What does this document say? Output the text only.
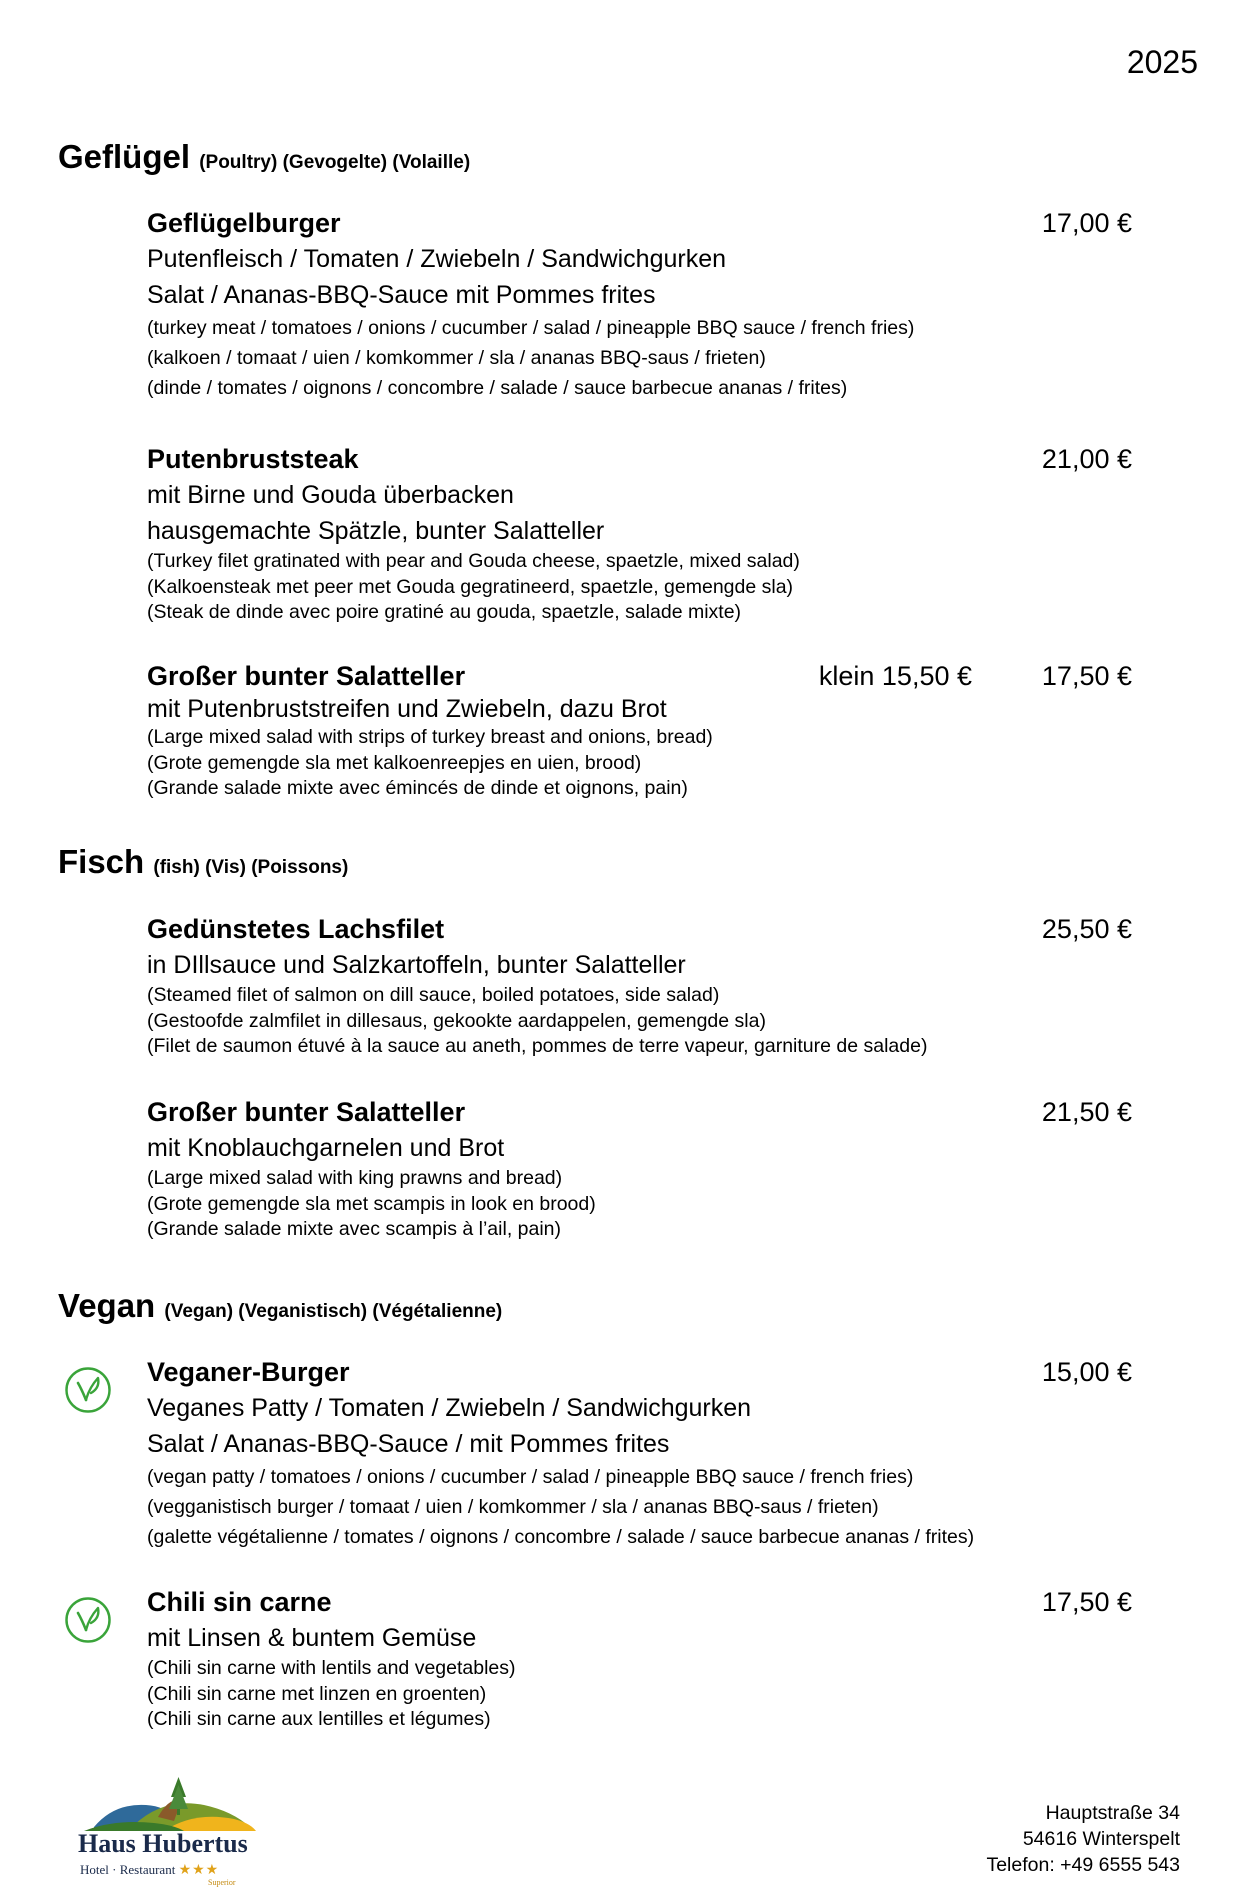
2025
Geflügel (Poultry) (Gevogelte) (Volaille)
Geflügelburger	17,00 €
Putenfleisch / Tomaten / Zwiebeln / Sandwichgurken
Salat / Ananas-BBQ-Sauce mit Pommes frites
(turkey meat / tomatoes / onions / cucumber / salad / pineapple BBQ sauce / french fries)
(kalkoen / tomaat / uien / komkommer / sla / ananas BBQ-saus / frieten)
(dinde / tomates / oignons / concombre / salade / sauce barbecue ananas / frites)
Putenbruststeak	21,00 €
mit Birne und Gouda überbacken
hausgemachte Spätzle, bunter Salatteller
(Turkey filet gratinated with pear and Gouda cheese, spaetzle, mixed salad)
(Kalkoensteak met peer met Gouda gegratineerd, spaetzle, gemengde sla)
(Steak de dinde avec poire gratiné au gouda, spaetzle, salade mixte)
Großer bunter Salatteller	klein 15,50 €	17,50 €
mit Putenbruststreifen und Zwiebeln, dazu Brot
(Large mixed salad with strips of turkey breast and onions, bread)
(Grote gemengde sla met kalkoenreepjes en uien, brood)
(Grande salade mixte avec émincés de dinde et oignons, pain)
Fisch (fish) (Vis) (Poissons)
Gedünstetes Lachsfilet	25,50 €
in DIllsauce und Salzkartoffeln, bunter Salatteller
(Steamed filet of salmon on dill sauce, boiled potatoes, side salad)
(Gestoofde zalmfilet in dillesaus, gekookte aardappelen, gemengde sla)
(Filet de saumon étuvé à la sauce au aneth, pommes de terre vapeur, garniture de salade)
Großer bunter Salatteller	21,50 €
mit Knoblauchgarnelen und Brot
(Large mixed salad with king prawns and bread)
(Grote gemengde sla met scampis in look en brood)
(Grande salade mixte avec scampis à l’ail, pain)
Vegan (Vegan) (Veganistisch) (Végétalienne)
Veganer-Burger	15,00 €
Veganes Patty / Tomaten / Zwiebeln / Sandwichgurken
Salat / Ananas-BBQ-Sauce / mit Pommes frites
(vegan patty / tomatoes / onions / cucumber / salad / pineapple BBQ sauce / french fries)
(vegganistisch burger / tomaat / uien / komkommer / sla / ananas BBQ-saus / frieten)
(galette végétalienne / tomates / oignons / concombre / salade / sauce barbecue ananas / frites)
Chili sin carne	17,50 €
mit Linsen & buntem Gemüse
(Chili sin carne with lentils and vegetables)
(Chili sin carne met linzen en groenten)
(Chili sin carne aux lentilles et légumes)
Haus Hubertus
Hotel · Restaurant ★★★
Superior
Hauptstraße 34
54616 Winterspelt
Telefon: +49 6555 543
